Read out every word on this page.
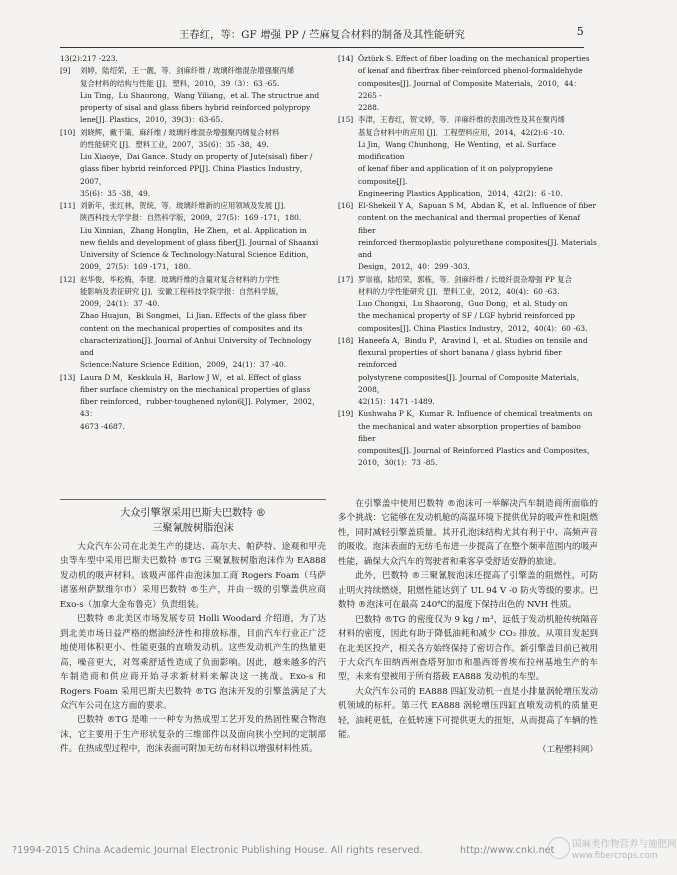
王春红，等：GF 增强 PP / 苎麻复合材料的制备及其性能研究	5

13(2):217 -223.

[9]	刘婷，陆绍荣，王一靓，等．剑麻纤维 / 玻璃纤维混杂增强聚丙烯

复合材料的结构与性能 [J]．塑料，2010，39（3）：63 -65.

Liu Ting，Lu Shaorong，Wang Yiliang，et al. The structrue and

property of sisal and glass fibers hybrid reinforced polypropy

lene[J]. Plastics，2010，39(3)：63-65.

[10] 刘晓辉，戴干策．麻纤维 / 玻璃纤维混杂增强聚丙烯复合材料

的性能研究 [J]．塑料工业，2007，35(6)：35 -38，49.

Liu Xiaoye，Dai Gance. Study on property of Jute(sisal) fiber /

glass fiber hybrid reinforced PP[J]. China Plastics Industry，2007，

35(6)：35 -38，49.

[11] 刘新年，张红林，贺统，等．玻璃纤维新的应用领域及发展 [J]．

陕西科技大学学报：自然科学版，2009，27(5)：169 -171，180.

Liu Xinnian，Zhang Honglin，He Zhen，et al. Application in

new fields and development of glass fiber[J]. Journal of Shaanxi

University of Science & Technology:Natural Science Edition，

2009，27(5)：169 -171，180.

[12] 赵华俊，毕松梅，李建．玻璃纤维的含量对复合材料的力学性

能影响及表征研究 [J]．安徽工程科技学院学报：自然科学版，

2009，24(1)：37 -40.

Zhao Huajun，Bi Songmei，Li Jian. Effects of the glass fiber

content on the mechanical properties of composites and its

characterization[J]. Journal of Anhui University of Technology and

Science:Nature Science Edition，2009，24(1)：37 -40.

[13] Laura D M，Keskkula H，Barlow J W，et al. Effect of glass

fiber surface chemistry on the mechanical properties of glass

fiber reinforced，rubber-toughened nylon6[J]. Polymer，2002，43：

4673 -4687.

[14] Öztürk S. Effect of fiber loading on the mechanical properties

of kenaf and fiberfrax fiber-reinforced phenol-formaldehyde

composites[J]. Journal of Composite Materials，2010，44：2265 -

2288.

[15] 李津，王春红，贺文婷，等．洋麻纤维的表面改性及其在聚丙烯

基复合材料中的应用 [J]．工程塑料应用，2014，42(2):6 -10.

Li Jin，Wang Chunhong，He Wenting，et al. Surface modification

of kenaf fiber and application of it on polypropylene composite[J].

Engineering Plastics Application，2014，42(2)：6 -10.

[16] El-Shekeil Y A，Sapuan S M，Abdan K，et al. Influence of fiber

content on the mechanical and thermal properties of Kenaf fiber

reinforced thermoplastic polyurethane composites[J]. Materials and

Design，2012，40：299 -303.

[17] 罗崇禧，陆绍荣，郭栋，等．剑麻纤维 / 长玻纤混杂增强 PP 复合

材料的力学性能研究 [J]．塑料工业，2012，40(4)：60 -63.

Luo Chongxi，Lu Shaorong，Guo Dong，et al. Study on

the mechanical property of SF / LGF hybrid reinforced pp

composites[J]. China Plastics Industry，2012，40(4)：60 -63.

[18] Haneefa A，Bindu P，Aravind I，et al. Studies on tensile and

flexural properties of short banana / glass hybrid fiber reinforced

polystyrene composites[J]. Journal of Composite Materials，2008，

42(15)：1471 -1489.

[19] Kushwaha P K，Kumar R. Influence of chemical treatments on

the mechanical and water absorption properties of bamboo fiber

composites[J]. Journal of Reinforced Plastics and Composites，

2010，30(1)：73 -85.

大众引擎罩采用巴斯夫巴数特 ®
三聚氰胺树脂泡沫

大众汽车公司在北美生产的捷达、高尔夫、帕萨特、途观和甲壳虫等车型中采用巴斯夫巴数特 ®TG 三聚氰胺树脂泡沫作为 EA888 发动机的吸声材料。该吸声部件由泡沫加工商 Rogers Foam（马萨诸塞州萨默维尔市）采用巴数特 ®生产，并由一级的引擎盖供应商 Exo-s（加拿大金布鲁克）负责组装。

巴数特 ®北美区市场发展专员 Holli Woodard 介绍道，为了达到北美市场日益严格的燃油经济性和排放标准，目前汽车行业正广泛地使用体积更小、性能更强的直喷发动机。这些发动机产生的热量更高，噪音更大，对驾乘舒适性造成了负面影响。因此，越来越多的汽车制造商和供应商开始寻求新材料来解决这一挑战。Exo-s 和 Rogers Foam 采用巴斯夫巴数特 ®TG 泡沫开发的引擎盖满足了大众汽车公司在这方面的要求。

巴数特 ®TG 是唯一一种专为热成型工艺开发的热固性聚合物泡沫，它主要用于生产形状复杂的三维部件以及面向狭小空间的定制部件。在热成型过程中，泡沫表面可附加无纺布材料以增强材料性质。

在引擎盖中使用巴数特 ®泡沫可一举解决汽车制造商所面临的多个挑战：它能够在发动机舱的高温环境下提供优异的吸声性和阻燃性，同时减轻引擎盖质量。其开孔泡沫结构尤其有利于中、高频声音的吸收。泡沫表面的无纺毛布进一步提高了在整个频率范围内的吸声性能，确保大众汽车的驾驶者和乘客享受舒适安静的旅途。

此外，巴数特 ®三聚氰胺泡沫还提高了引擎盖的阻燃性，可防止明火持续燃烧，阻燃性能达到了 UL 94 V -0 防火等级的要求。巴数特 ®泡沫可在最高 240℃的温度下保持出色的 NVH 性质。

巴数特 ®TG 的密度仅为 9 kg / m³，远低于发动机舱传统隔音材料的密度，因此有助于降低油耗和减少 CO₂ 排放。从项目发起到在北美区投产，相关各方始终保持了密切合作。新引擎盖目前已被用于大众汽车田纳西州查塔努加市和墨西哥普埃布拉州基地生产的车型，未来有望被用于所有搭载 EA888 发动机的车型。

大众汽车公司的 EA888 四缸发动机一直是小排量涡轮增压发动机领域的标杆。第三代 EA888 涡轮增压四缸直喷发动机的质量更轻，油耗更低，在低转速下可提供更大的扭矩，从而提高了车辆的性能。

（工程塑料网）

?1994-2015 China Academic Journal Electronic Publishing House. All rights reserved.	http://www.cnki.net
国麻类作物营养与施肥网
www.fibercrops.com
